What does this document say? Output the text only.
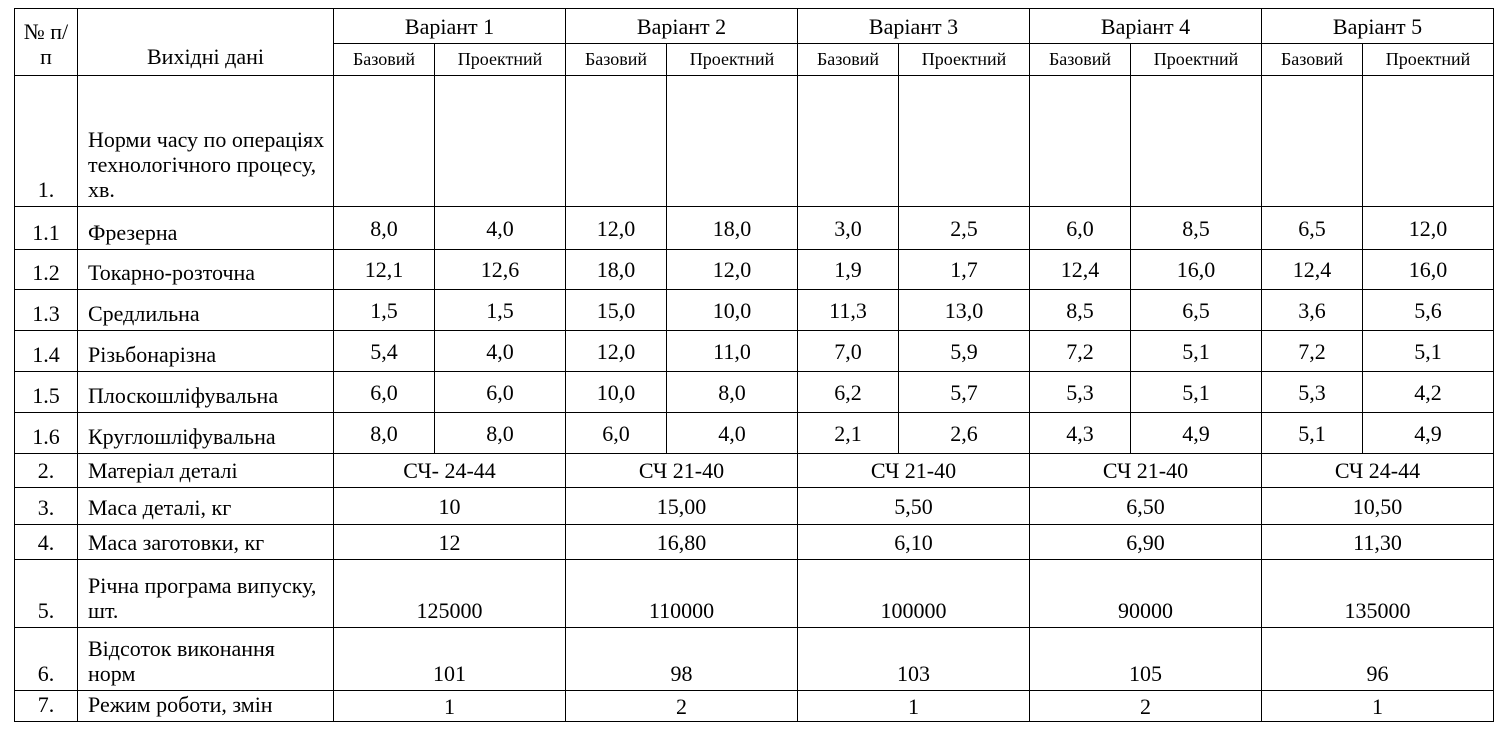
№ п/п	Вихідні дані	Варіант 1		Варіант 2		Варіант 3		Варіант 4		Варіант 5	
		Базовий	Проектний	Базовий	Проектний	Базовий	Проектний	Базовий	Проектний	Базовий	Проектний
1.	Норми часу по операціях технологічного процесу, хв.										
1.1	Фрезерна	8,0	4,0	12,0	18,0	3,0	2,5	6,0	8,5	6,5	12,0
1.2	Токарно-розточна	12,1	12,6	18,0	12,0	1,9	1,7	12,4	16,0	12,4	16,0
1.3	Средлильна	1,5	1,5	15,0	10,0	11,3	13,0	8,5	6,5	3,6	5,6
1.4	Різьбонарізна	5,4	4,0	12,0	11,0	7,0	5,9	7,2	5,1	7,2	5,1
1.5	Плоскошліфувальна	6,0	6,0	10,0	8,0	6,2	5,7	5,3	5,1	5,3	4,2
1.6	Круглошліфувальна	8,0	8,0	6,0	4,0	2,1	2,6	4,3	4,9	5,1	4,9
2.	Матеріал деталі	СЧ- 24-44		СЧ 21-40		СЧ 21-40		СЧ 21-40		СЧ 24-44	
3.	Маса деталі, кг	10		15,00		5,50		6,50		10,50	
4.	Маса заготовки, кг	12		16,80		6,10		6,90		11,30	
5.	Річна програма випуску, шт.	125000		110000		100000		90000		135000	
6.	Відсоток виконання норм	101		98		103		105		96	
7.	Режим роботи, змін	1		2		1		2		1	
